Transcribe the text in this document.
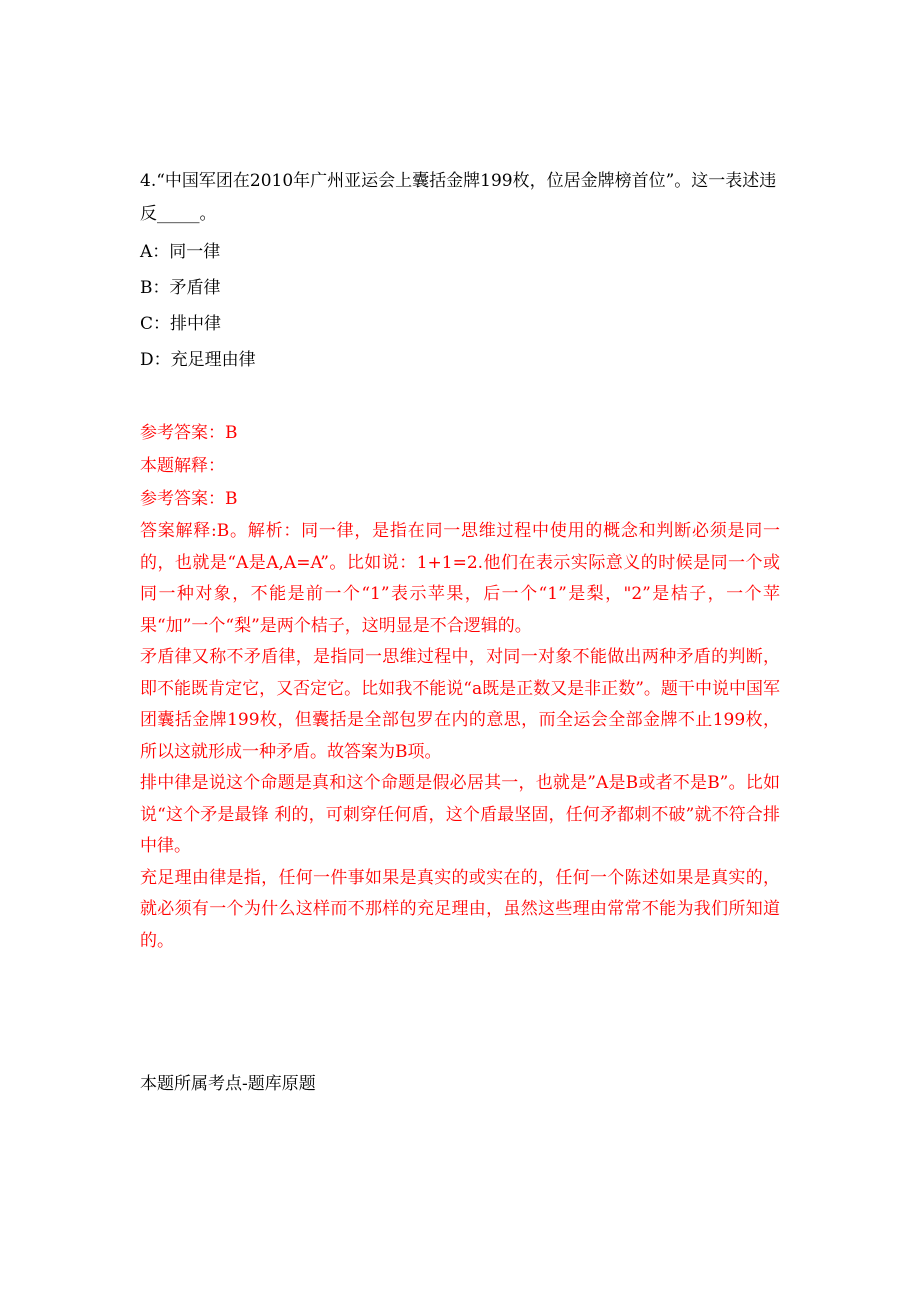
4.“中国军团在2010年广州亚运会上囊括金牌199枚，位居金牌榜首位”。这一表述违反_____。
A：同一律
B：矛盾律
C：排中律
D：充足理由律
参考答案：B
本题解释：
参考答案：B

答案解释:B。解析：同一律，是指在同一思维过程中使用的概念和判断必须是同一的，也就是“A是A,A=A”。比如说：1+1=2.他们在表示实际意义的时候是同一个或同一种对象，不能是前一个“1”表示苹果，后一个“1”是梨，"2”是桔子，一个苹果“加”一个“梨”是两个桔子，这明显是不合逻辑的。

矛盾律又称不矛盾律，是指同一思维过程中，对同一对象不能做出两种矛盾的判断，即不能既肯定它，又否定它。比如我不能说“a既是正数又是非正数”。题干中说中国军团囊括金牌199枚，但囊括是全部包罗在内的意思，而全运会全部金牌不止199枚，所以这就形成一种矛盾。故答案为B项。

排中律是说这个命题是真和这个命题是假必居其一，也就是”A是B或者不是B”。比如说“这个矛是最锋 利的，可刺穿任何盾，这个盾最坚固，任何矛都刺不破”就不符合排中律。

充足理由律是指，任何一件事如果是真实的或实在的，任何一个陈述如果是真实的，就必须有一个为什么这样而不那样的充足理由，虽然这些理由常常不能为我们所知道的。

本题所属考点-题库原题
